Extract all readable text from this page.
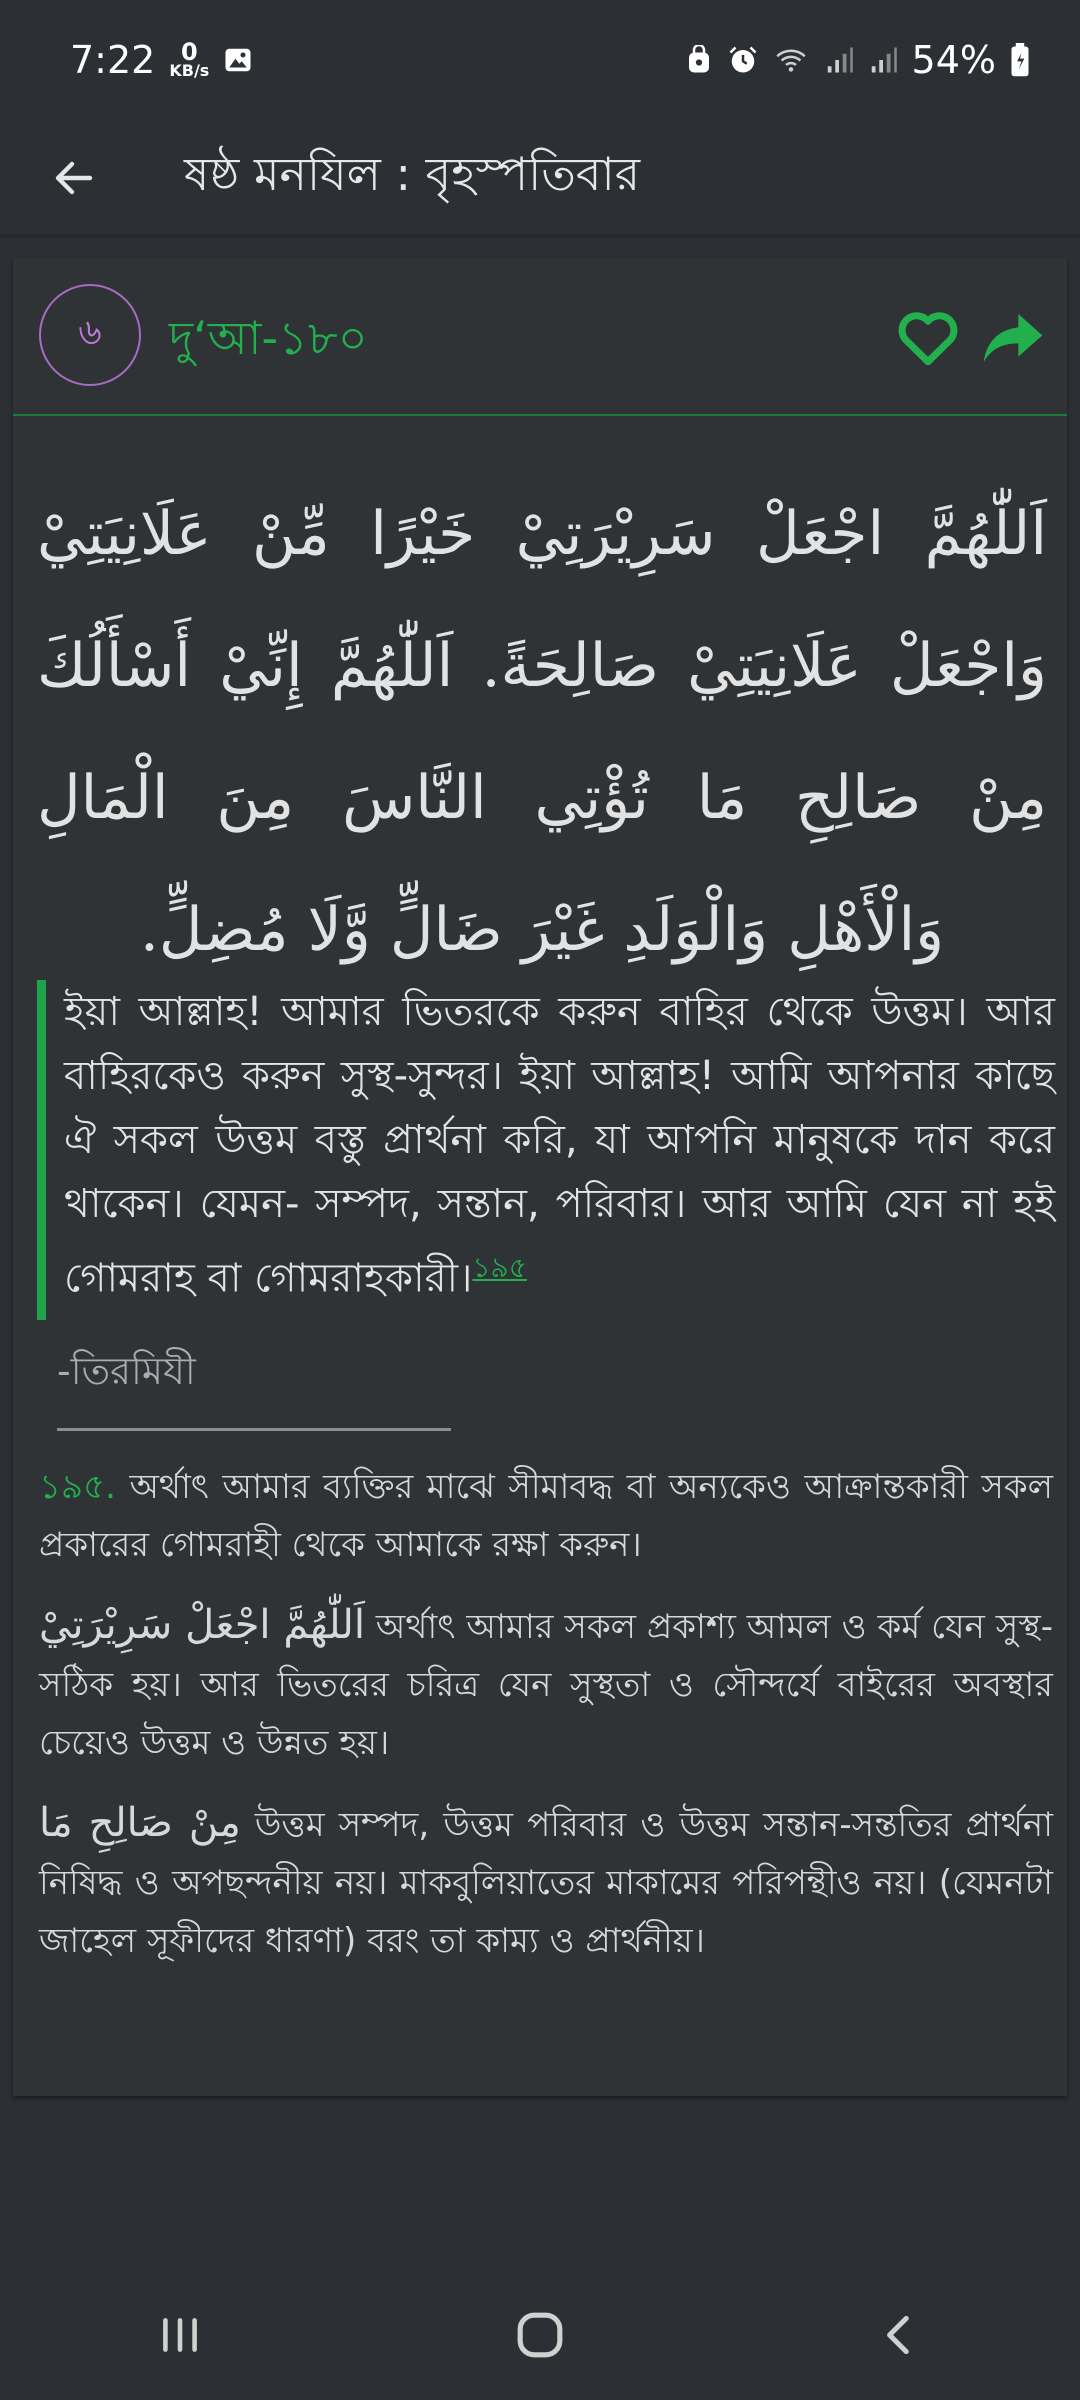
7:22 0
KB/s	54%
ষষ্ঠ মনযিল : বৃহস্পতিবার
৬ দু‘আ-১৮০
اَللّٰهُمَّ اجْعَلْ سَرِيْرَتِيْ خَيْرًا مِّنْ عَلَانِيَتِيْ وَاجْعَلْ عَلَانِيَتِيْ صَالِحَةً. اَللّٰهُمَّ إِنِّيْ أَسْأَلُكَ مِنْ صَالِحِ مَا تُؤْتِي النَّاسَ مِنَ الْمَالِ وَالْأَهْلِ وَالْوَلَدِ غَيْرَ ضَالٍّ وَّلَا مُضِلٍّ.
ইয়া আল্লাহ! আমার ভিতরকে করুন বাহির থেকে উত্তম। আর বাহিরকেও করুন সুস্থ-সুন্দর। ইয়া আল্লাহ! আমি আপনার কাছে ঐ সকল উত্তম বস্তু প্রার্থনা করি, যা আপনি মানুষকে দান করে থাকেন। যেমন- সম্পদ, সন্তান, পরিবার। আর আমি যেন না হই গোমরাহ বা গোমরাহকারী।$^{১৯৫}$
-তিরমিযী

১৯৫. অর্থাৎ আমার ব্যক্তির মাঝে সীমাবদ্ধ বা অন্যকেও আক্রান্তকারী সকল প্রকারের গোমরাহী থেকে আমাকে রক্ষা করুন।

اَللّٰهُمَّ اجْعَلْ سَرِيْرَتِيْ অর্থাৎ আমার সকল প্রকাশ্য আমল ও কর্ম যেন সুস্থ-সঠিক হয়। আর ভিতরের চরিত্র যেন সুস্থতা ও সৌন্দর্যে বাইরের অবস্থার চেয়েও উত্তম ও উন্নত হয়।

مِنْ صَالِحِ مَا উত্তম সম্পদ, উত্তম পরিবার ও উত্তম সন্তান-সন্ততির প্রার্থনা নিষিদ্ধ ও অপছন্দনীয় নয়। মাকবুলিয়াতের মাকামের পরিপন্থীও নয়। (যেমনটা জাহেল সূফীদের ধারণা) বরং তা কাম্য ও প্রার্থনীয়।
